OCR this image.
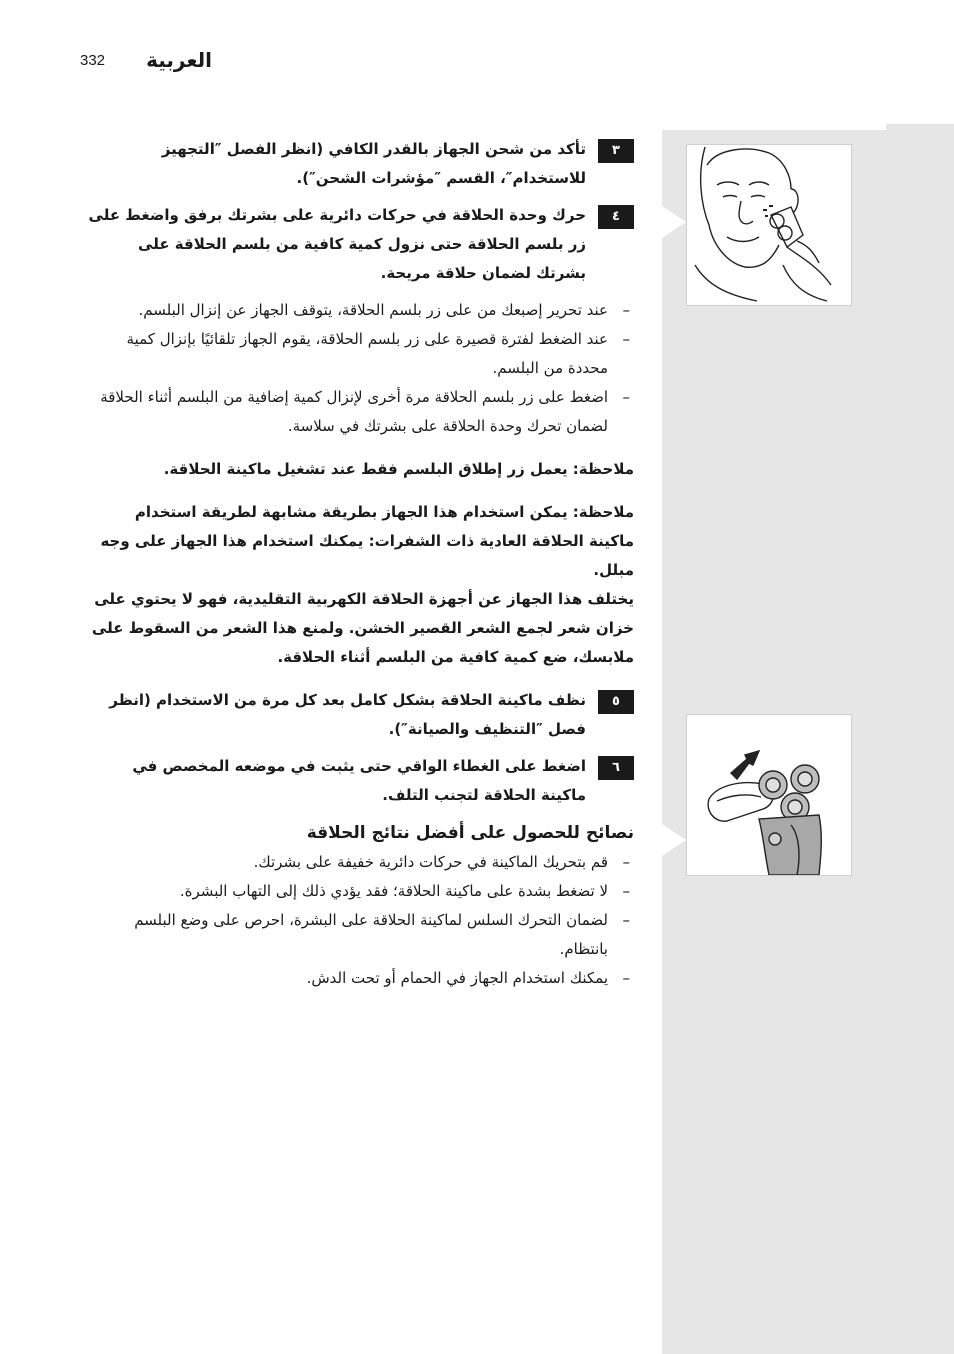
332 العربية
٣
تأكد من شحن الجهاز بالقدر الكافي (انظر الفصل ″التجهيز للاستخدام″، القسم ″مؤشرات الشحن″).
٤
حرك وحدة الحلاقة في حركات دائرية على بشرتك برفق واضغط على زر بلسم الحلاقة حتى نزول كمية كافية من بلسم الحلاقة على بشرتك لضمان حلاقة مريحة.
– عند تحرير إصبعك من على زر بلسم الحلاقة، يتوقف الجهاز عن إنزال البلسم.
– عند الضغط لفترة قصيرة على زر بلسم الحلاقة، يقوم الجهاز تلقائيًا بإنزال كمية محددة من البلسم.
– اضغط على زر بلسم الحلاقة مرة أخرى لإنزال كمية إضافية من البلسم أثناء الحلاقة لضمان تحرك وحدة الحلاقة على بشرتك في سلاسة.

ملاحظة: يعمل زر إطلاق البلسم فقط عند تشغيل ماكينة الحلاقة.

ملاحظة: يمكن استخدام هذا الجهاز بطريقة مشابهة لطريقة استخدام ماكينة الحلاقة العادية ذات الشفرات: يمكنك استخدام هذا الجهاز على وجه مبلل.

يختلف هذا الجهاز عن أجهزة الحلاقة الكهربية التقليدية، فهو لا يحتوي على خزان شعر لجمع الشعر القصير الخشن. ولمنع هذا الشعر من السقوط على ملابسك، ضع كمية كافية من البلسم أثناء الحلاقة.

٥
نظف ماكينة الحلاقة بشكل كامل بعد كل مرة من الاستخدام (انظر فصل ″التنظيف والصيانة″).
٦
اضغط على الغطاء الواقي حتى يثبت في موضعه المخصص في ماكينة الحلاقة لتجنب التلف.
نصائح للحصول على أفضل نتائج الحلاقة
– قم بتحريك الماكينة في حركات دائرية خفيفة على بشرتك.
– لا تضغط بشدة على ماكينة الحلاقة؛ فقد يؤدي ذلك إلى التهاب البشرة.
– لضمان التحرك السلس لماكينة الحلاقة على البشرة، احرص على وضع البلسم بانتظام.
– يمكنك استخدام الجهاز في الحمام أو تحت الدش.
